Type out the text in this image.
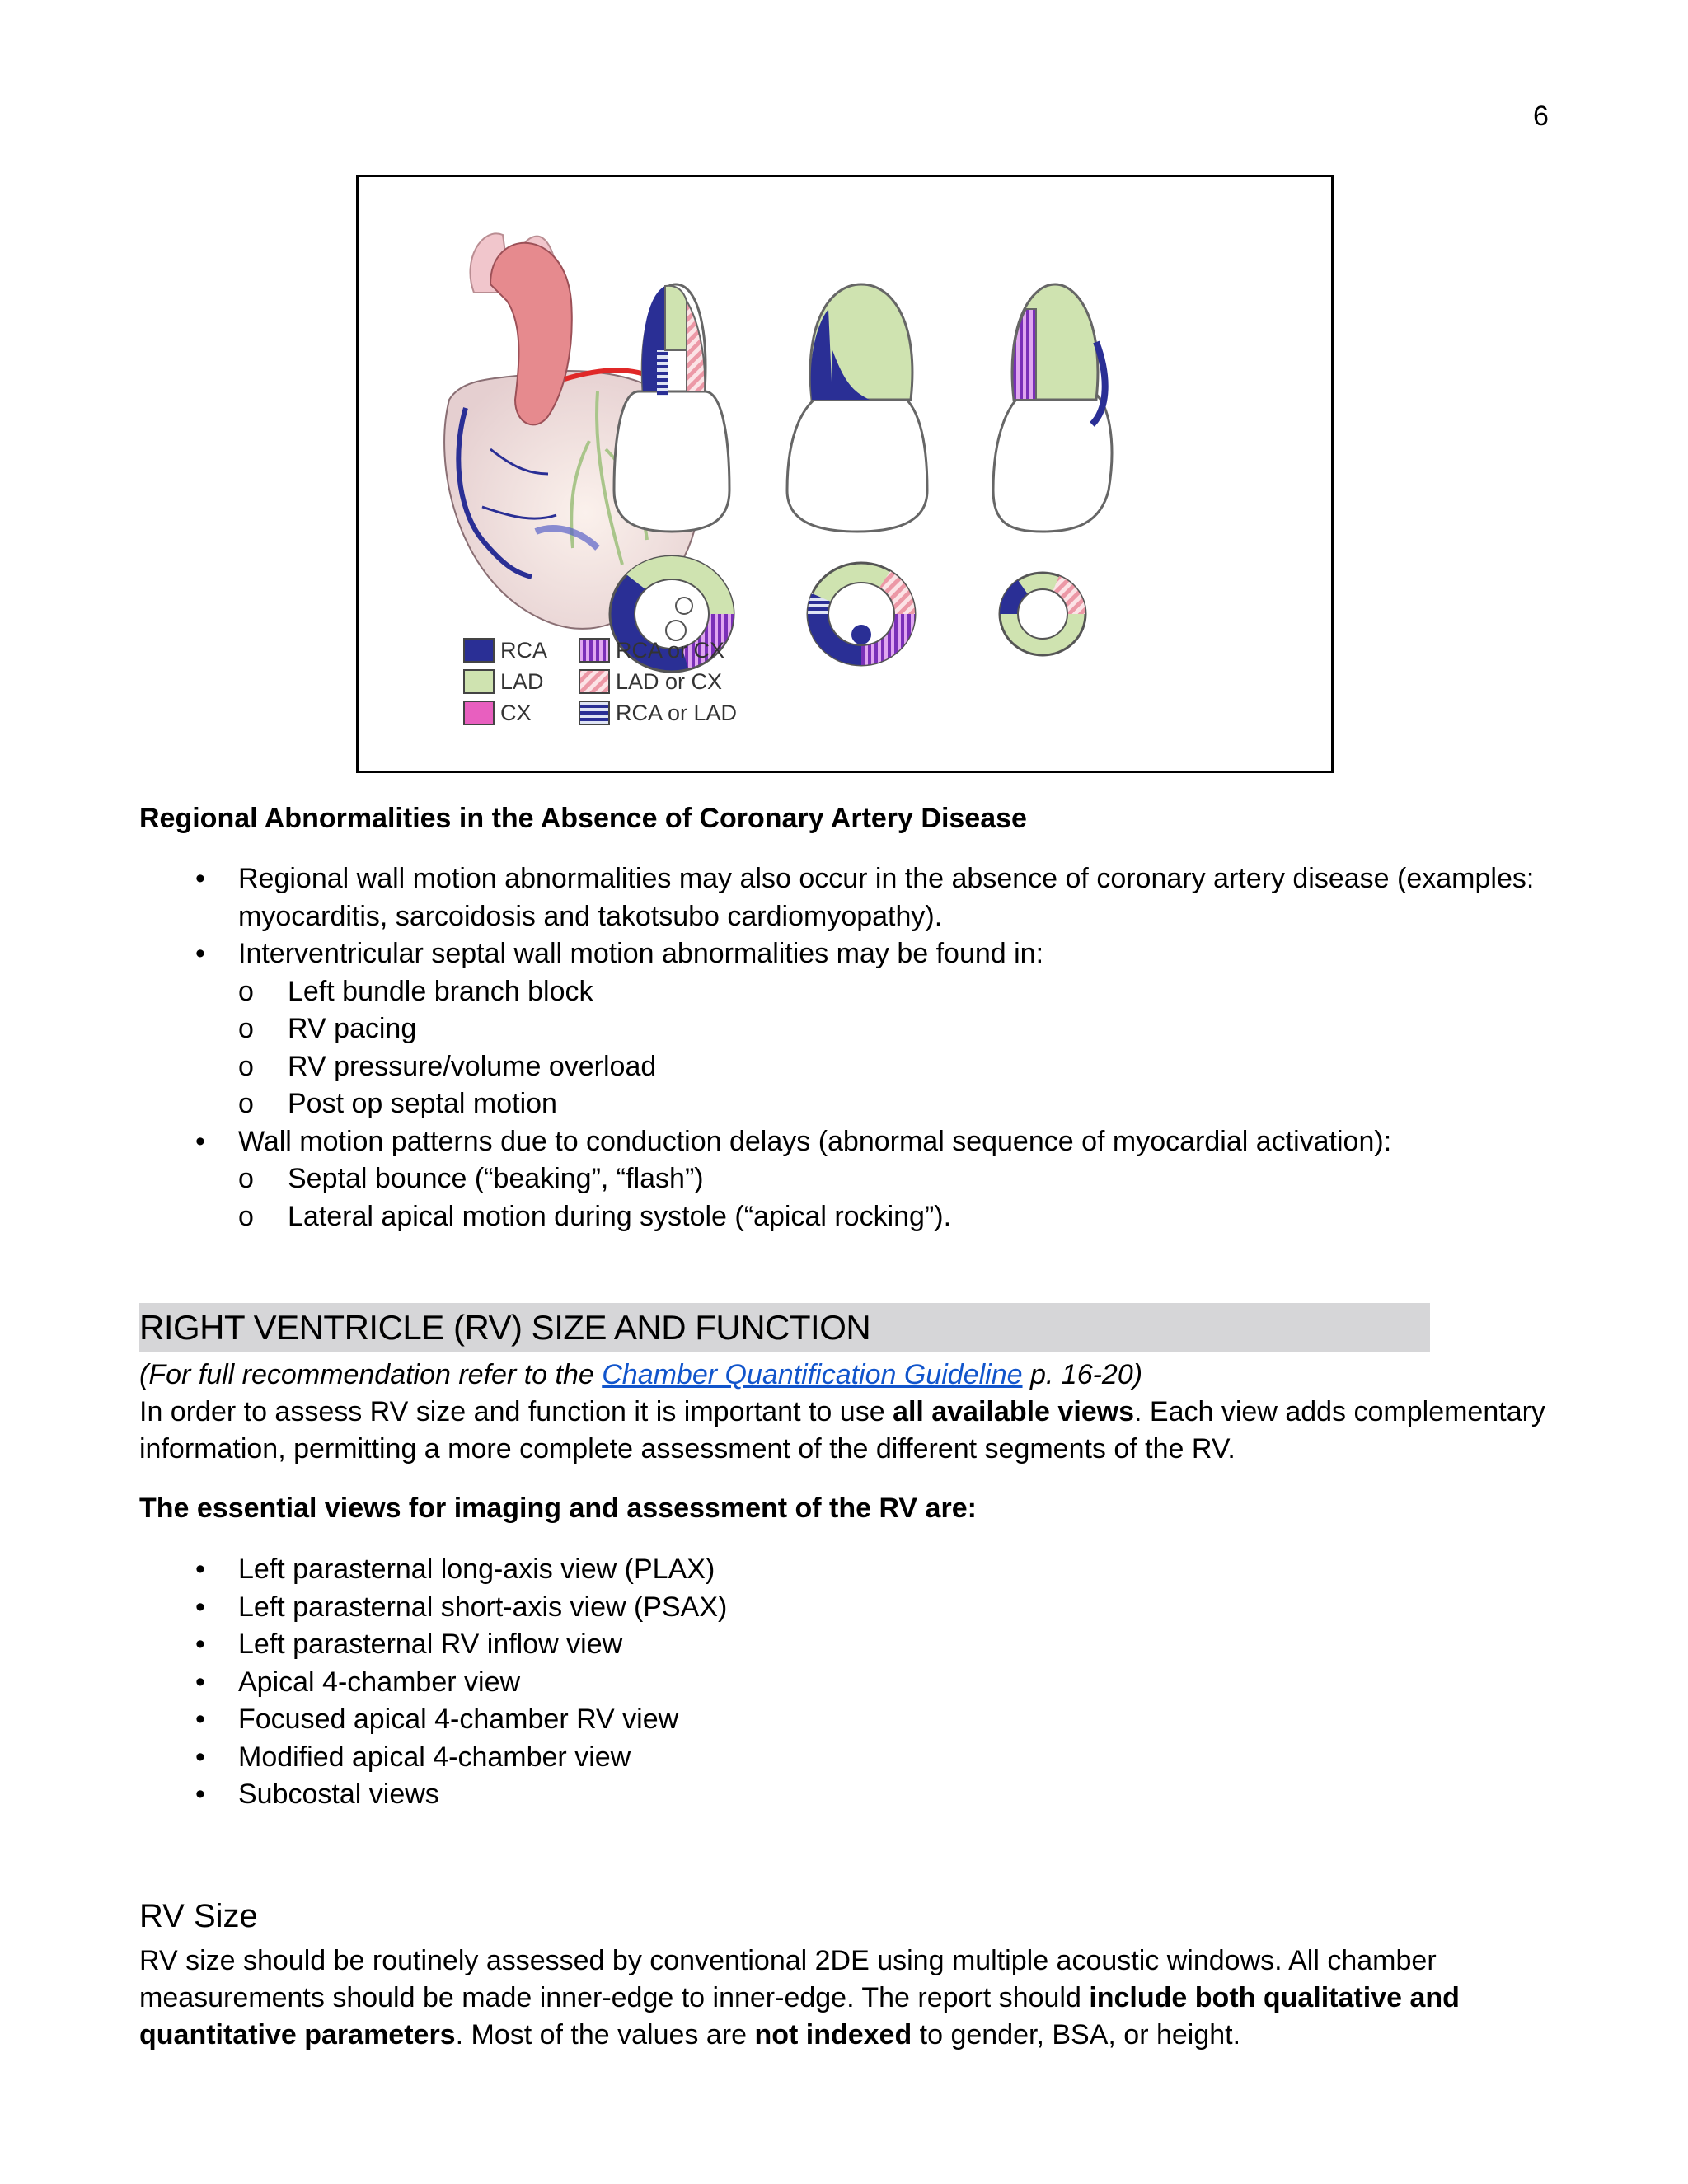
6
RCA
LAD
CX
RCA or CX
LAD or CX
RCA or LAD
Regional Abnormalities in the Absence of Coronary Artery Disease
• Regional wall motion abnormalities may also occur in the absence of coronary artery disease (examples:
myocarditis, sarcoidosis and takotsubo cardiomyopathy).
• Interventricular septal wall motion abnormalities may be found in:
o Left bundle branch block
o RV pacing
o RV pressure/volume overload
o Post op septal motion
• Wall motion patterns due to conduction delays (abnormal sequence of myocardial activation):
o Septal bounce (“beaking”, “flash”)
o Lateral apical motion during systole (“apical rocking”).
RIGHT VENTRICLE (RV) SIZE AND FUNCTION
(For full recommendation refer to the Chamber Quantification Guideline p. 16-20)
In order to assess RV size and function it is important to use all available views. Each view adds complementary
information, permitting a more complete assessment of the different segments of the RV.
The essential views for imaging and assessment of the RV are:
• Left parasternal long-axis view (PLAX)
• Left parasternal short-axis view (PSAX)
• Left parasternal RV inflow view
• Apical 4-chamber view
• Focused apical 4-chamber RV view
• Modified apical 4-chamber view
• Subcostal views
RV Size
RV size should be routinely assessed by conventional 2DE using multiple acoustic windows. All chamber
measurements should be made inner-edge to inner-edge. The report should include both qualitative and
quantitative parameters. Most of the values are not indexed to gender, BSA, or height.
